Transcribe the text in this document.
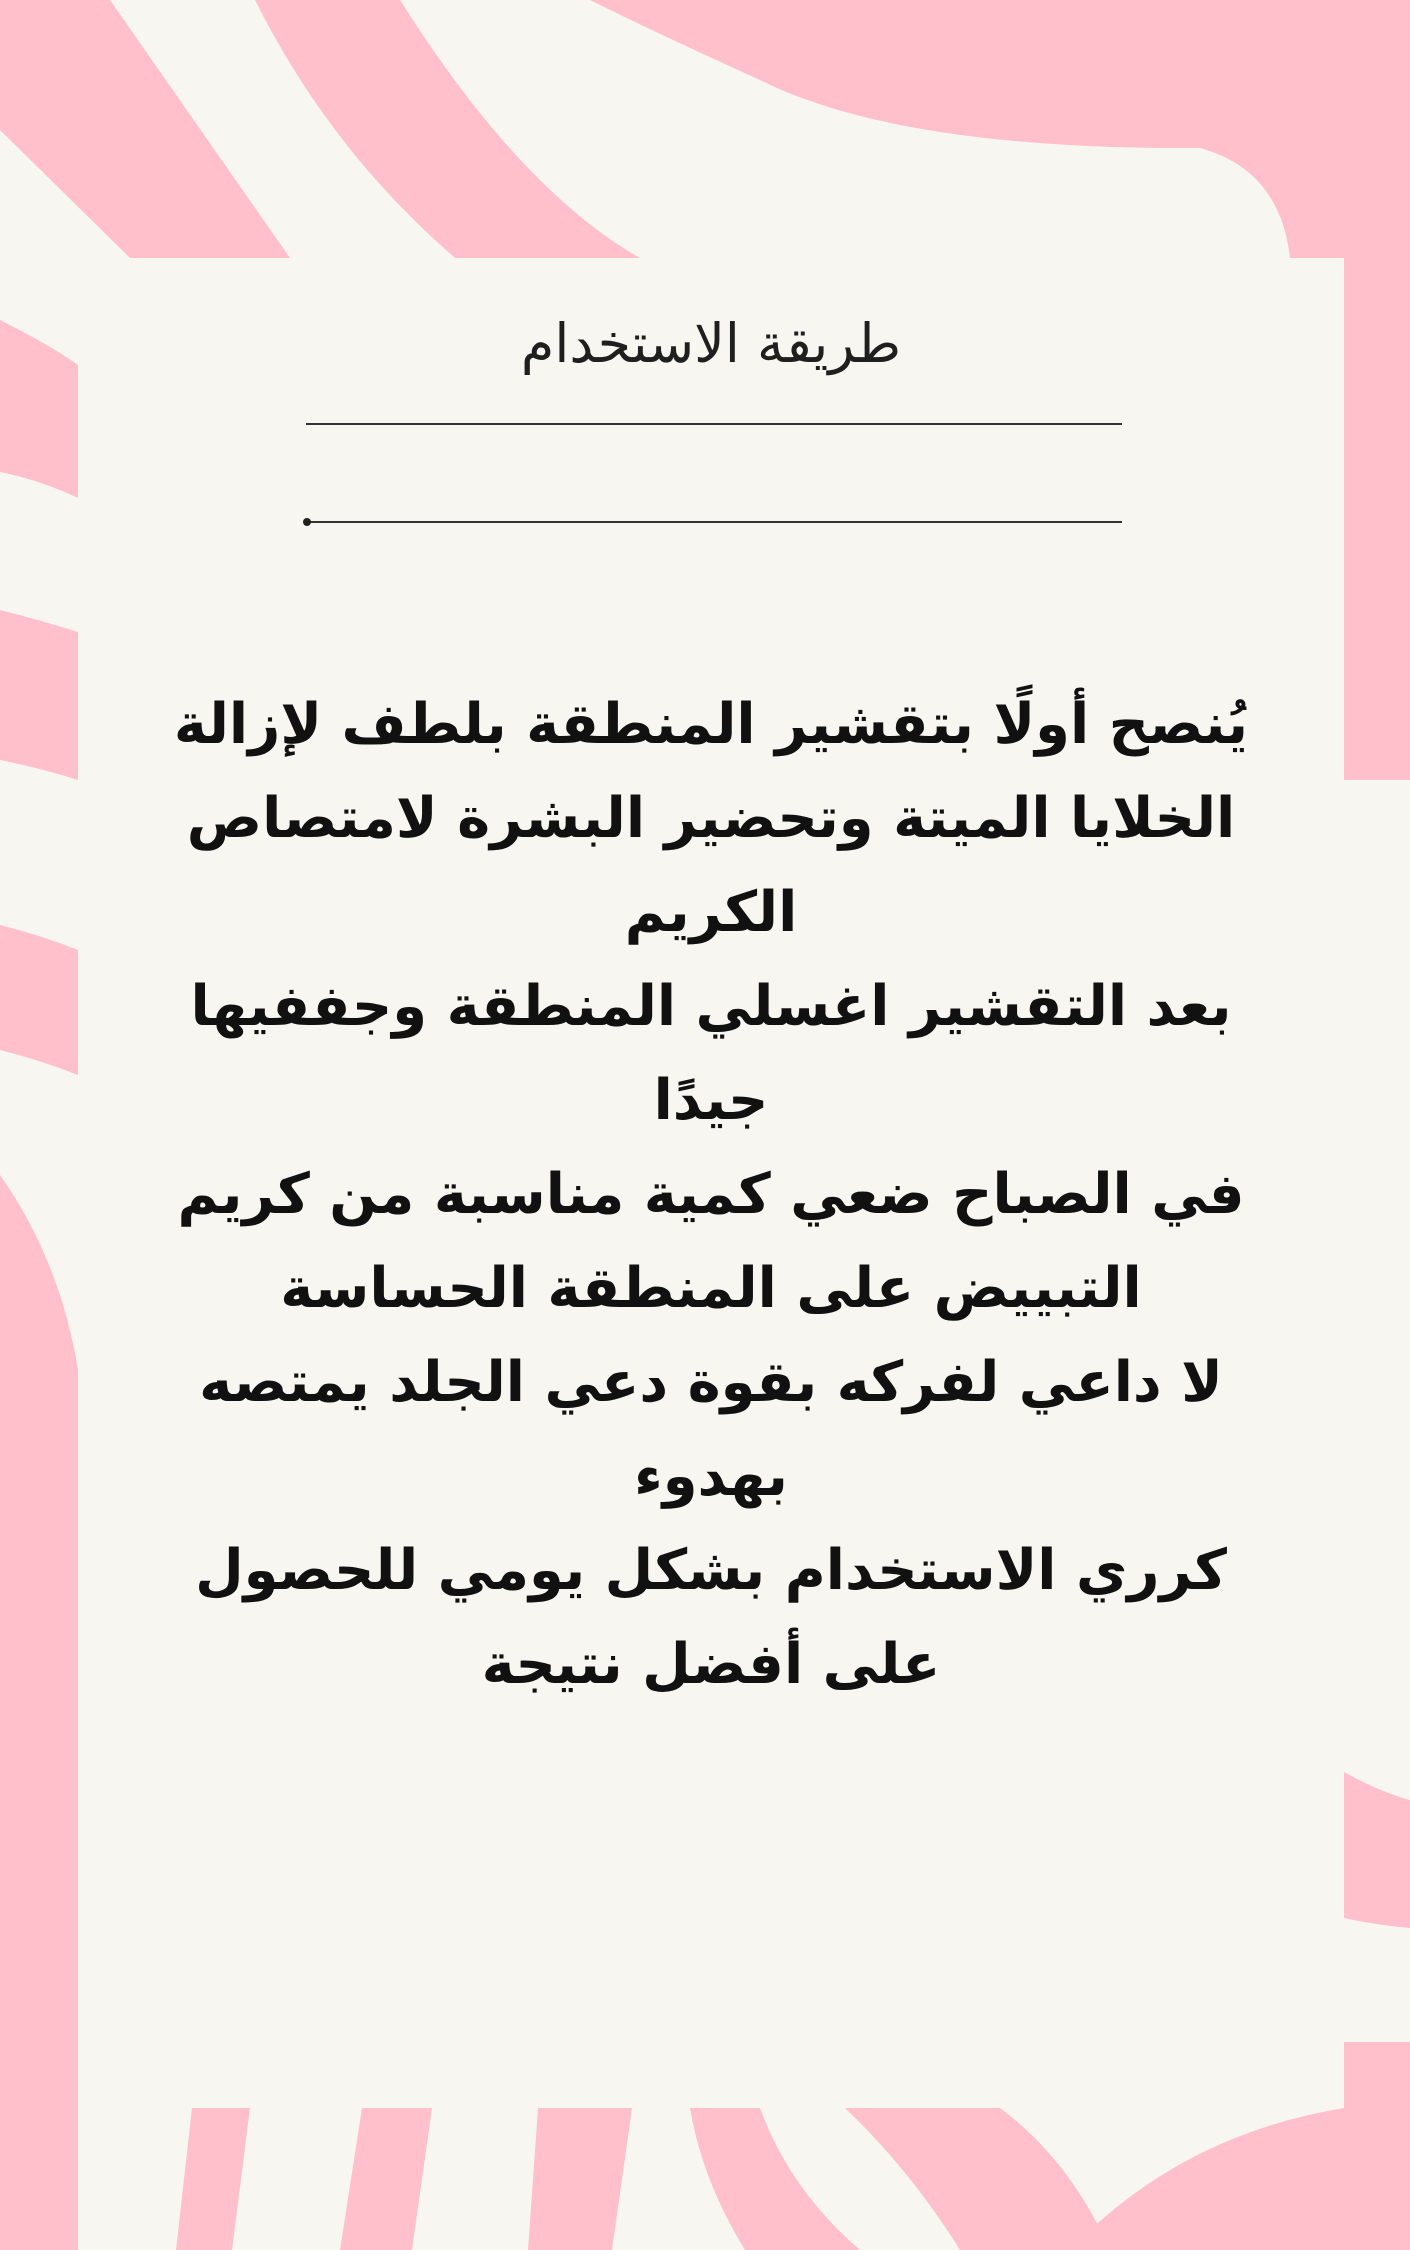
طريقة الاستخدام
يُنصح أولًا بتقشير المنطقة بلطف لإزالة الخلايا الميتة وتحضير البشرة لامتصاص الكريم
بعد التقشير اغسلي المنطقة وجففيها جيدًا
في الصباح ضعي كمية مناسبة من كريم التبييض على المنطقة الحساسة
لا داعي لفركه بقوة دعي الجلد يمتصه بهدوء
كرري الاستخدام بشكل يومي للحصول على أفضل نتيجة
